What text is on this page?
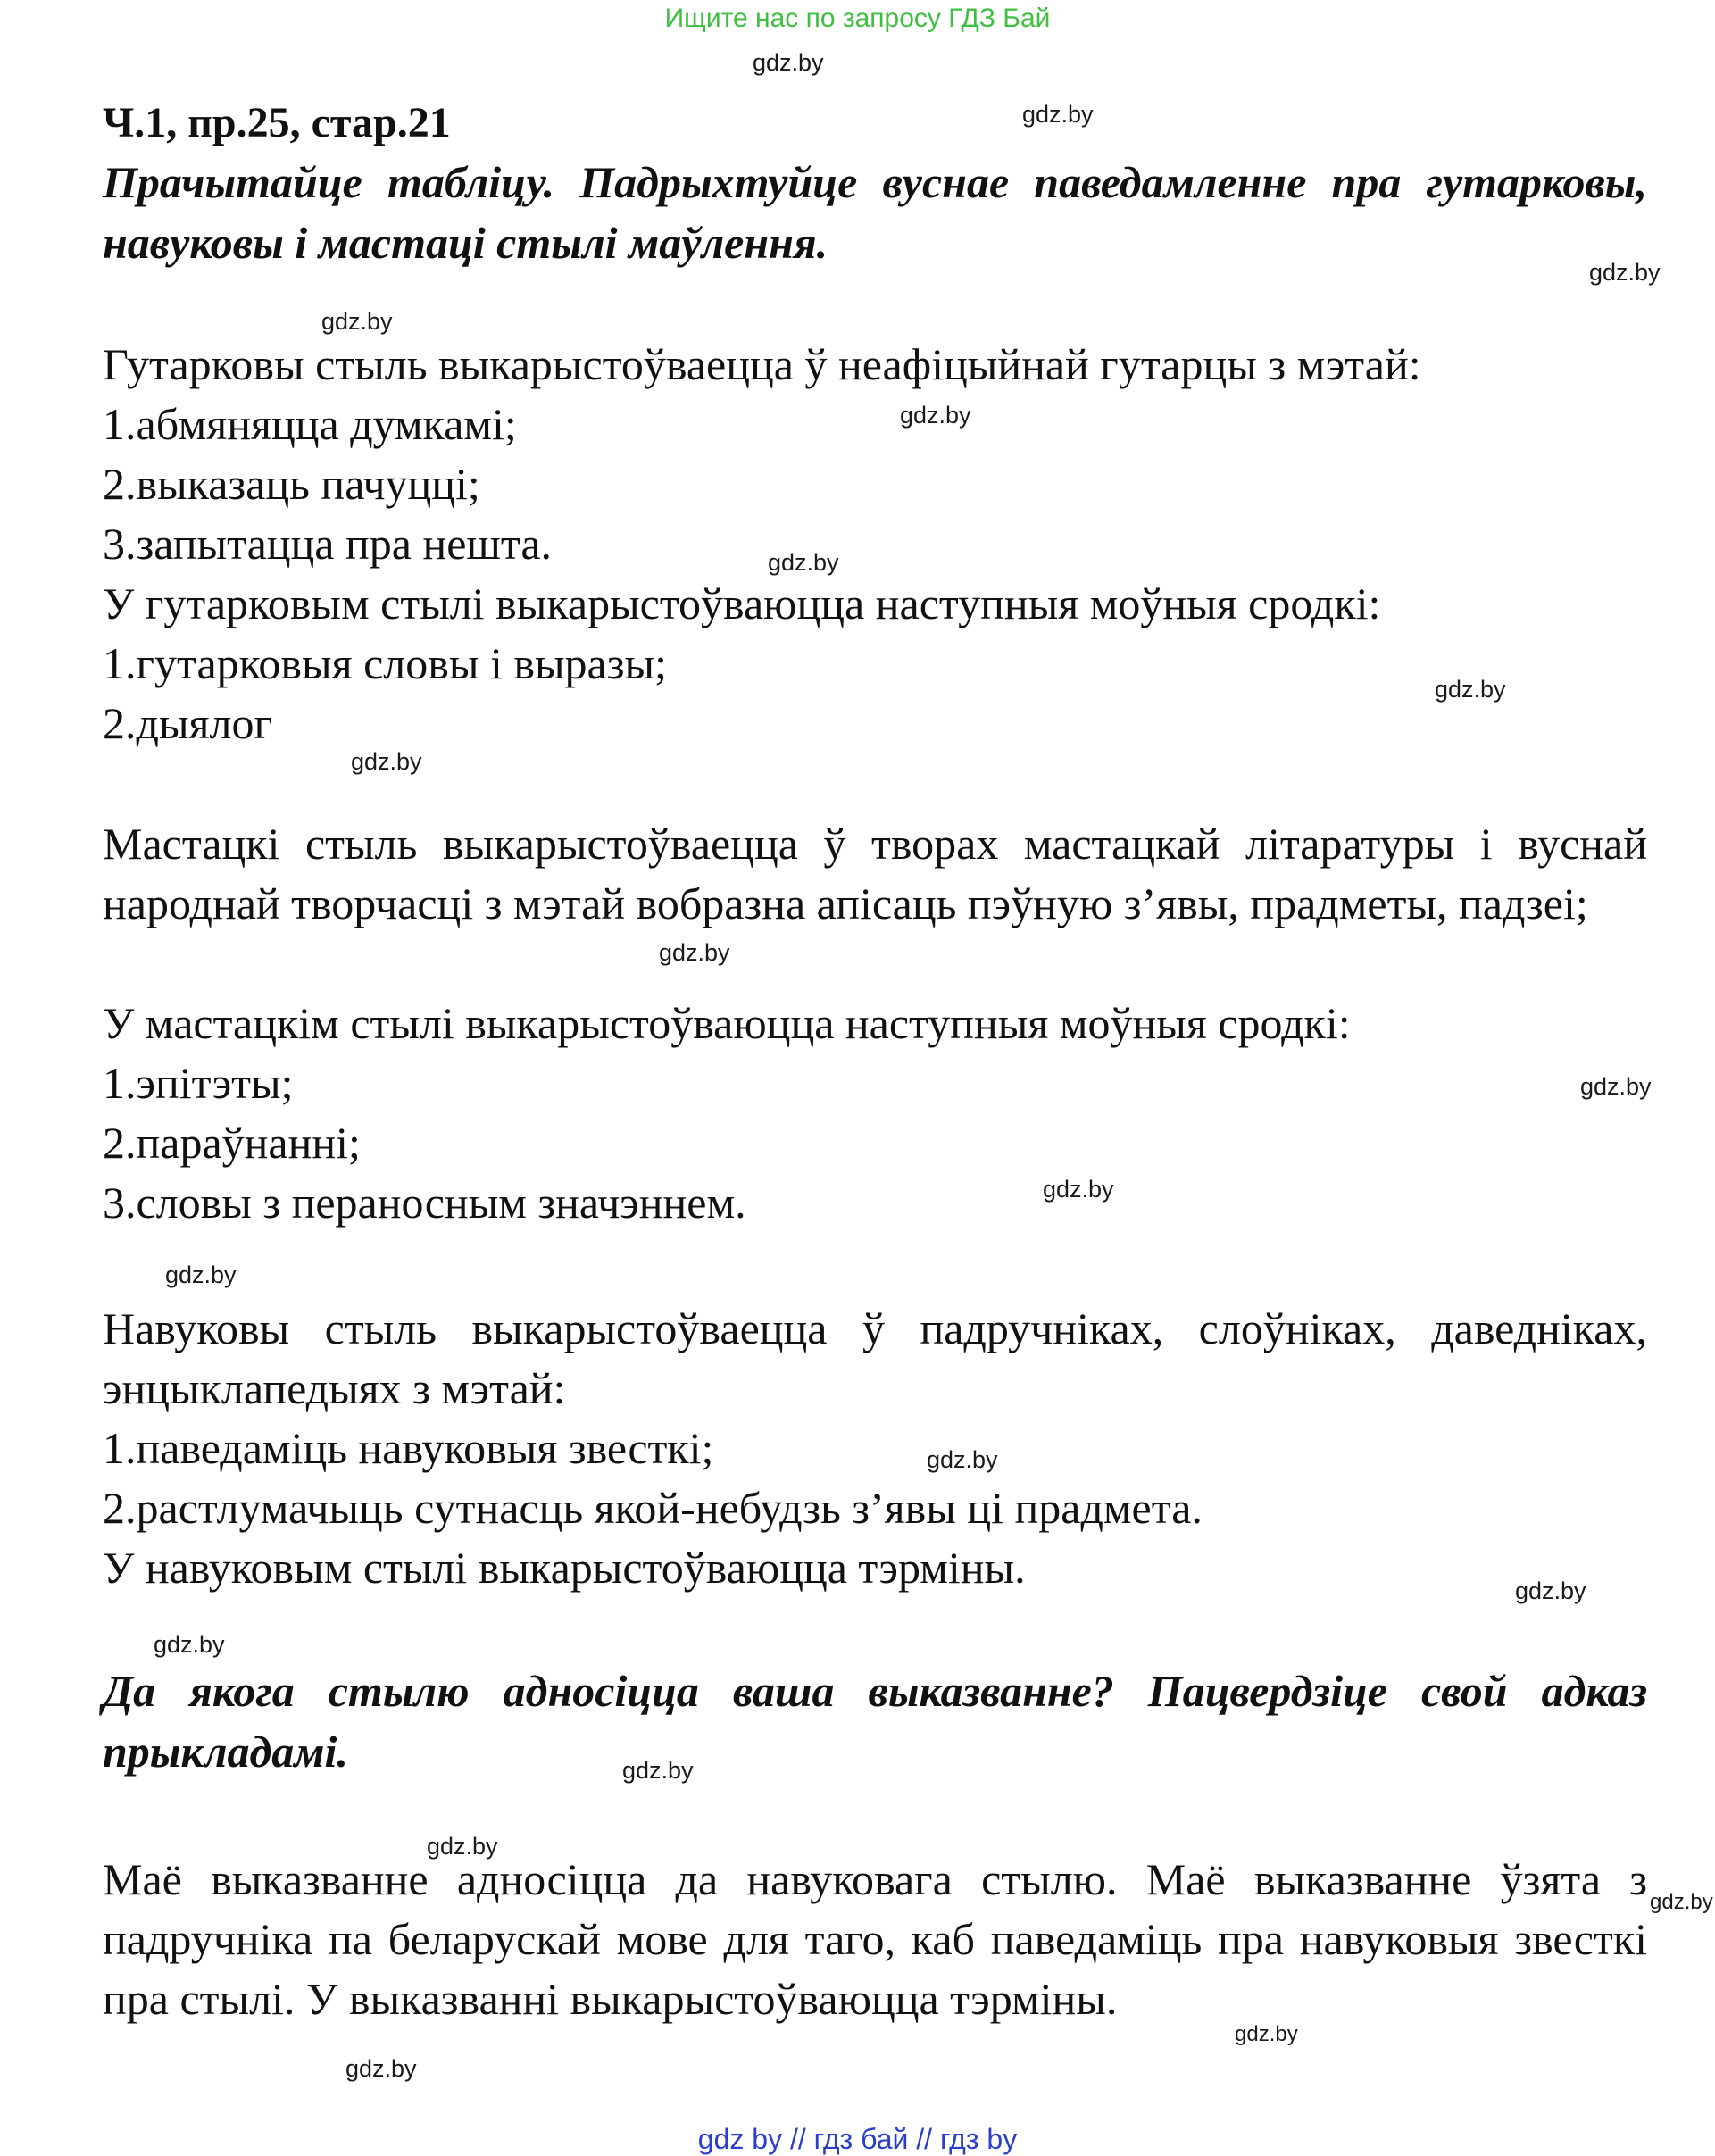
Ищите нас по запросу ГДЗ Бай
Ч.1, пр.25, стар.21
Прачытайце табліцу. Падрыхтуйце вуснае паведамленне пра гутарковы, навуковы і мастаці стылі маўлення.
Гутарковы стыль выкарыстоўваецца ў неафіцыйнай гутарцы з мэтай:
1.абмяняцца думкамі;
2.выказаць пачуцці;
3.запытацца пра нешта.
У гутарковым стылі выкарыстоўваюцца наступныя моўныя сродкі:
1.гутарковыя словы і выразы;
2.дыялог
Мастацкі стыль выкарыстоўваецца ў творах мастацкай літаратуры і вуснай народнай творчасці з мэтай вобразна апісаць пэўную з’явы, прадметы, падзеі;
У мастацкім стылі выкарыстоўваюцца наступныя моўныя сродкі:
1.эпітэты;
2.параўнанні;
3.словы з пераносным значэннем.
Навуковы стыль выкарыстоўваецца ў падручніках, слоўніках, даведніках, энцыклапедыях з мэтай:
1.паведаміць навуковыя звесткі;
2.растлумачыць сутнасць якой-небудзь з’явы ці прадмета.
У навуковым стылі выкарыстоўваюцца тэрміны.
Да якога стылю адносіцца ваша выказванне? Пацвердзіце свой адказ прыкладамі.
Маё выказванне адносіцца да навуковага стылю. Маё выказванне ўзята з падручніка па беларускай мове для таго, каб паведаміць пра навуковыя звесткі пра стылі. У выказванні выкарыстоўваюцца тэрміны.
gdz.by
gdz.by
gdz.by
gdz.by
gdz.by
gdz.by
gdz.by
gdz.by
gdz.by
gdz.by
gdz.by
gdz.by
gdz.by
gdz.by
gdz.by
gdz.by
gdz.by
gdz.by
gdz.by
gdz.by
gdz by // гдз бай // гдз by
